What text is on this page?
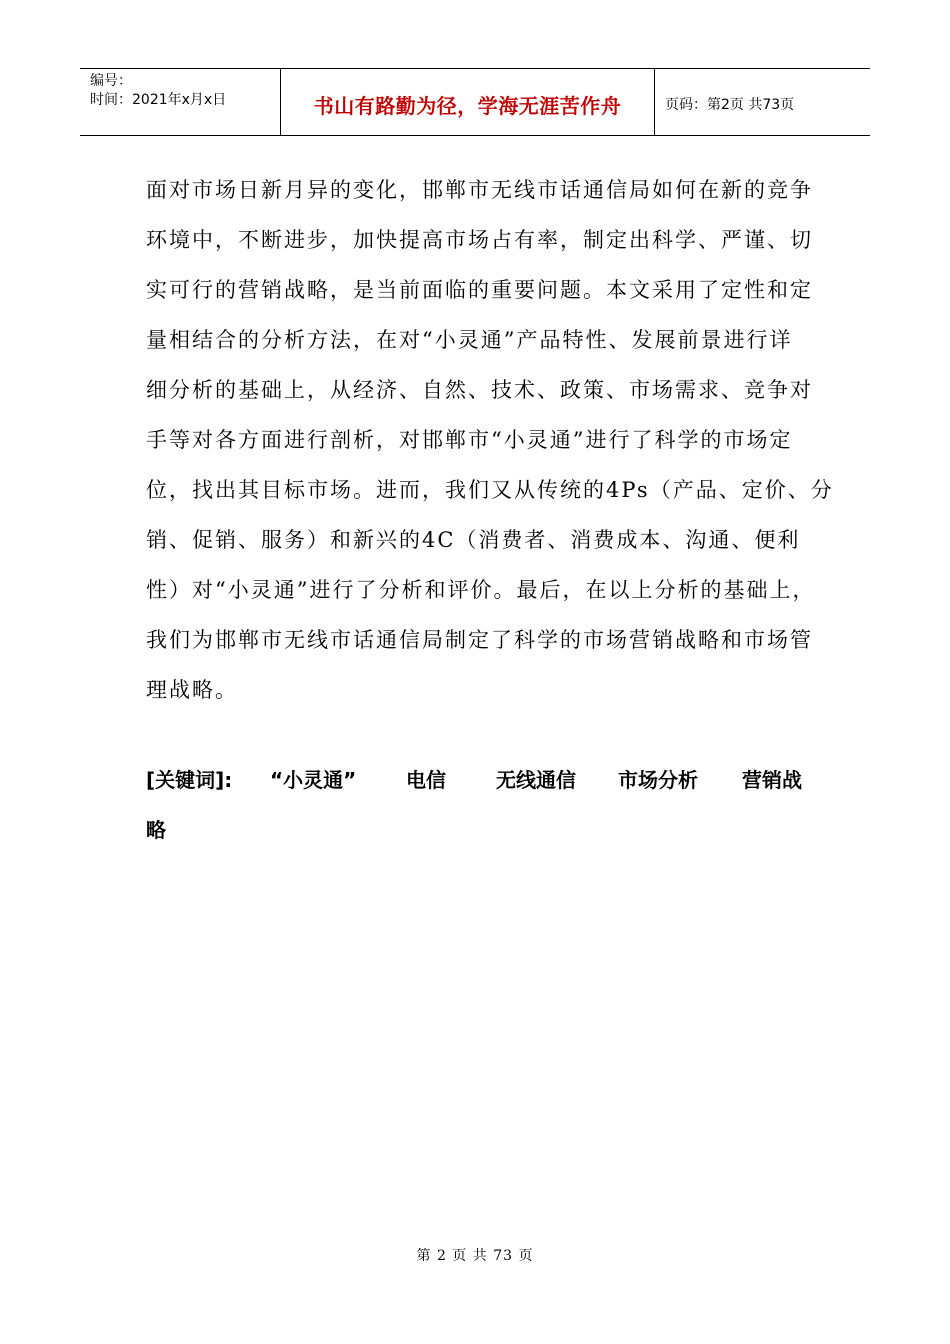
编号：
时间：2021年x月x日	书山有路勤为径，学海无涯苦作舟	页码：第2页 共73页
面对市场日新月异的变化，邯郸市无线市话通信局如何在新的竞争
环境中，不断进步，加快提高市场占有率，制定出科学、严谨、切
实可行的营销战略，是当前面临的重要问题。本文采用了定性和定
量相结合的分析方法，在对“小灵通”产品特性、发展前景进行详
细分析的基础上，从经济、自然、技术、政策、市场需求、竞争对
手等对各方面进行剖析，对邯郸市“小灵通”进行了科学的市场定
位，找出其目标市场。进而，我们又从传统的4Ps（产品、定价、分
销、促销、服务）和新兴的4C（消费者、消费成本、沟通、便利
性）对“小灵通”进行了分析和评价。最后，在以上分析的基础上，
我们为邯郸市无线市话通信局制定了科学的市场营销战略和市场管
理战略。
[关键词]: “小灵通” 电信	无线通信 市场分析 营销战
略
第 2 页 共 73 页
